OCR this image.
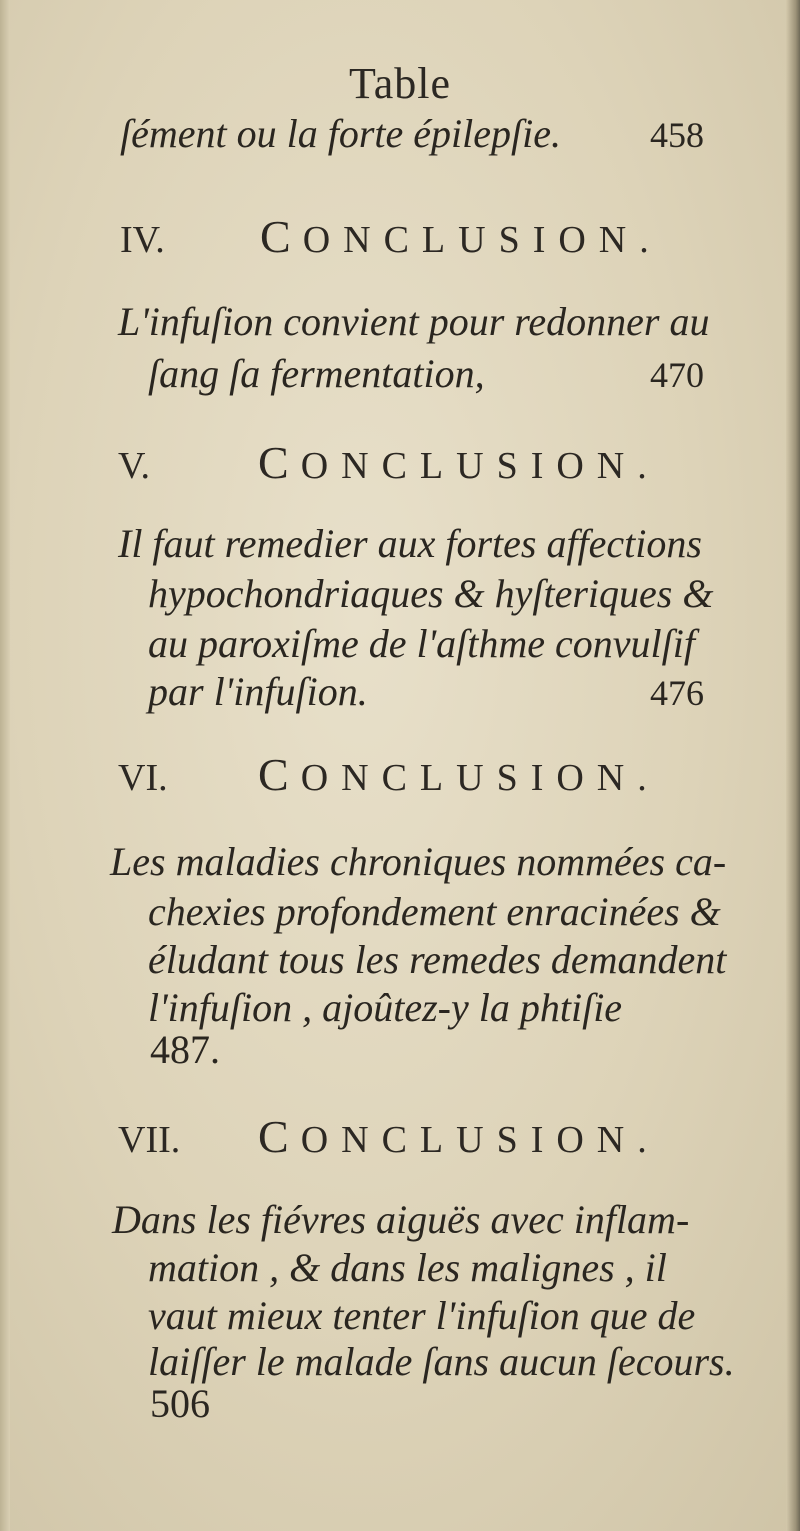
Table
ſément ou la forte épilepſie. 458
IV. CONCLUSION.
L'infuſion convient pour redonner au
ſang ſa fermentation,	470
V. CONCLUSION.
Il faut remedier aux fortes affections
hypochondriaques & hyſteriques &
au paroxiſme de l'aſthme convulſif
par l'infuſion.	476
VI. CONCLUSION.
Les maladies chroniques nommées ca-
chexies profondement enracinées &
éludant tous les remedes demandent
l'infuſion , ajoûtez-y la phtiſie
487.
VII. CONCLUSION.
Dans les fiévres aiguës avec inflam-
mation , & dans les malignes , il
vaut mieux tenter l'infuſion que de
laiſſer le malade ſans aucun ſecours.
506
